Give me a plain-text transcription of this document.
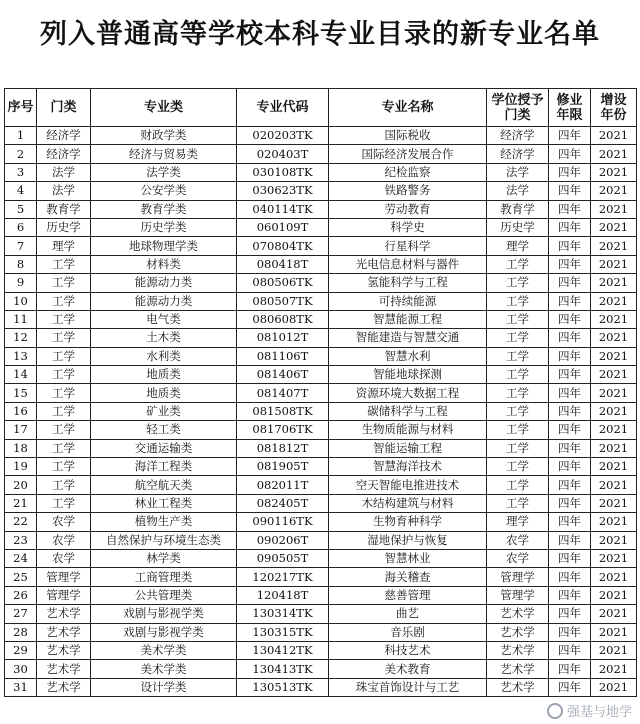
列入普通高等学校本科专业目录的新专业名单
序号	门类	专业类	专业代码	专业名称	学位授予门类	修业年限	增设年份
1	经济学	财政学类	020203TK	国际税收	经济学	四年	2021
2	经济学	经济与贸易类	020403T	国际经济发展合作	经济学	四年	2021
3	法学	法学类	030108TK	纪检监察	法学	四年	2021
4	法学	公安学类	030623TK	铁路警务	法学	四年	2021
5	教育学	教育学类	040114TK	劳动教育	教育学	四年	2021
6	历史学	历史学类	060109T	科学史	历史学	四年	2021
7	理学	地球物理学类	070804TK	行星科学	理学	四年	2021
8	工学	材料类	080418T	光电信息材料与器件	工学	四年	2021
9	工学	能源动力类	080506TK	氢能科学与工程	工学	四年	2021
10	工学	能源动力类	080507TK	可持续能源	工学	四年	2021
11	工学	电气类	080608TK	智慧能源工程	工学	四年	2021
12	工学	土木类	081012T	智能建造与智慧交通	工学	四年	2021
13	工学	水利类	081106T	智慧水利	工学	四年	2021
14	工学	地质类	081406T	智能地球探测	工学	四年	2021
15	工学	地质类	081407T	资源环境大数据工程	工学	四年	2021
16	工学	矿业类	081508TK	碳储科学与工程	工学	四年	2021
17	工学	轻工类	081706TK	生物质能源与材料	工学	四年	2021
18	工学	交通运输类	081812T	智能运输工程	工学	四年	2021
19	工学	海洋工程类	081905T	智慧海洋技术	工学	四年	2021
20	工学	航空航天类	082011T	空天智能电推进技术	工学	四年	2021
21	工学	林业工程类	082405T	木结构建筑与材料	工学	四年	2021
22	农学	植物生产类	090116TK	生物育种科学	理学	四年	2021
23	农学	自然保护与环境生态类	090206T	湿地保护与恢复	农学	四年	2021
24	农学	林学类	090505T	智慧林业	农学	四年	2021
25	管理学	工商管理类	120217TK	海关稽查	管理学	四年	2021
26	管理学	公共管理类	120418T	慈善管理	管理学	四年	2021
27	艺术学	戏剧与影视学类	130314TK	曲艺	艺术学	四年	2021
28	艺术学	戏剧与影视学类	130315TK	音乐剧	艺术学	四年	2021
29	艺术学	美术学类	130412TK	科技艺术	艺术学	四年	2021
30	艺术学	美术学类	130413TK	美术教育	艺术学	四年	2021
31	艺术学	设计学类	130513TK	珠宝首饰设计与工艺	艺术学	四年	2021
强基与地学
